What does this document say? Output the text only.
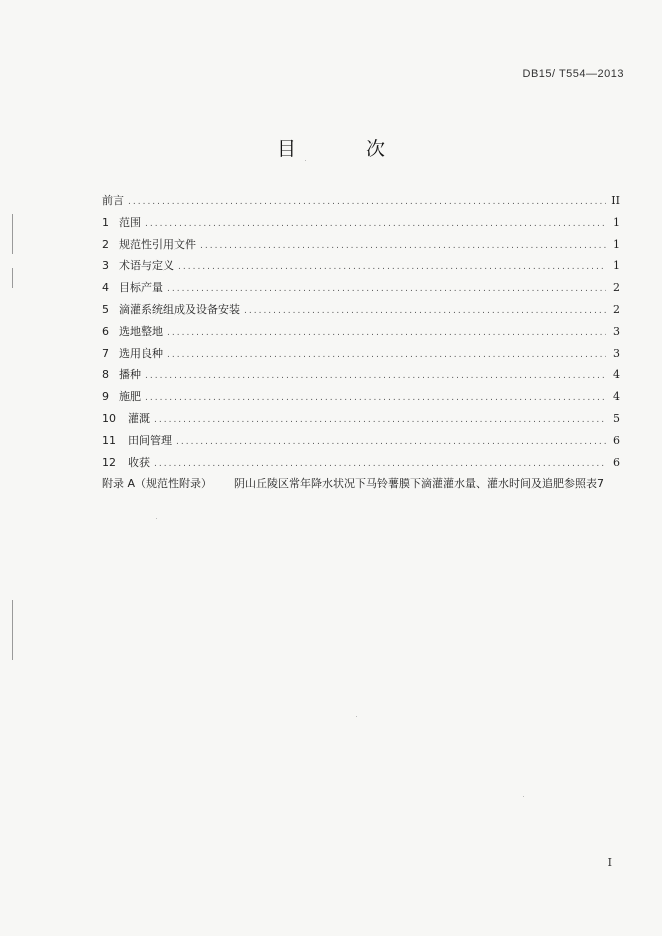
DB15/ T554—2013
目 次
前言 .....	II
1 范围 .....	1
2 规范性引用文件 .....	1
3 术语与定义 .....	1
4 目标产量 .....	2
5 滴灌系统组成及设备安装 .....	2
6 选地整地 .....	3
7 选用良种 .....	3
8 播种 .....	4
9 施肥 .....	4
10 灌溉 .....	5
11 田间管理 .....	6
12 收获 .....	6
附录 A（规范性附录） 阴山丘陵区常年降水状况下马铃薯膜下滴灌灌水量、灌水时间及追肥参照表7
I
